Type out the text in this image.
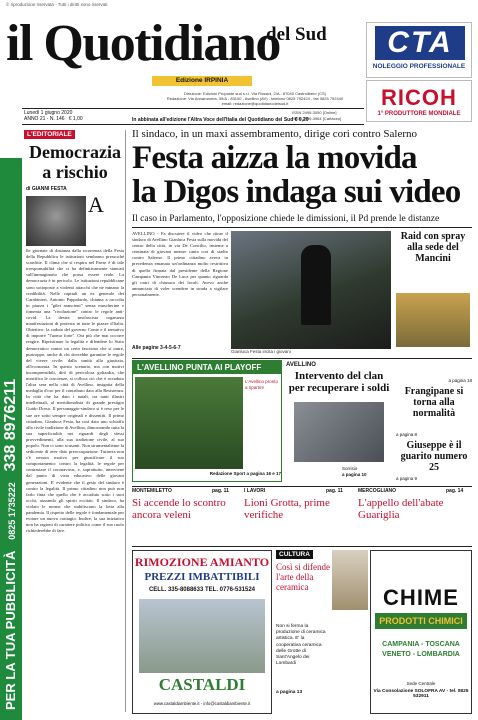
© riproduzione riservata - Tutti i diritti sono riservati
il Quotidiano
del Sud
Edizione IRPINIA
Direzione: Edizioni Proposte sud s.r.l. Via Rossini, 2/A - 87040 Castrolibero (CS)
Redazione: Via Annarumma, 39/A - 83100 - Avellino (AV) - telefono 0825 792424 - fax 0825 792440
email: redazione@quotidianodelsud.it
Lunedì 1 giugno 2020
ANNO 21 - N. 146 € 1,00
ISSN 2499-3050 [Online]
ISSN 2499-3964 [Cartaceo]
In abbinata all'edizione l'Altra Voce dell'Italia del Quotidiano del Sud € 0,20
CTA
NOLEGGIO PROFESSIONALE
RICOH
1° PRODUTTORE MONDIALE
PER LA TUA PUBBLICITÀ   0825 1735222   338 8976211
L'EDITORIALE
Democrazia a rischio
di GIANNI FESTA
A
lle giornate di distanza dalla ricorrenza della Festa della Repubblica le istituzioni sembrano pressoché sconfitte. Il clima che si respira nel Paese è di tale irresponsabilità che ci ha definitivamente stancati sull'immaginario che possa essere reale. La democrazia è in pericolo. Le istituzioni repubblicane sono sottoposte a violenti attacchi che ne minano la credibilità. Nelle capitali un ex generale dei Carabinieri, Antonio Pappalardo, chiama a raccolta in piazza i "gilet arancioni" senza mascherine e fomenta una "rivoluzione" contro le regole anti-covid. La destra neofascista organizza manifestazioni di protesta in tutte le piazze d'Italia. Obiettivo: la caduta del governo Conte e il tentativo di imporre "l'uomo forte". Ora più che mai occorre reagire. Ripristinare la legalità e difendere lo Stato democratico contro un certo fascismo che si nutre, purtroppo, anche di chi dovrebbe garantire le regole del vivere civile: dalla sanità alla giustizia, all'economia. In questo scenario, ma con motivi incomprensibili, dirò di pericolosa goliardia, che mortifica le coscienze, si colloca ciò che è accaduto l'altra sera nella città di Avellino, insignita della medaglia d'oro per il contributo dato alla Resistenza. In città che ha dato i natali, tra tanti illustri intellettuali, al meridionalista di grande prestigio Guido Dorso. Il personaggio-sindaco si è reso per le sue ore sotto sempre originali e dissentiti. Il primo cittadino, Gianluca Festa, ha così dato uno schiaffo alla civile tradizione di Avellino, dimostrando tutta la sua superficialità nei riguardi degli stessi provvedimenti, alla sua tradizione civile, al suo popolo. Non ci sono scusanti. Non strumentalismo la sedicente di aver dato preoccupazione. Tuttavia non c'è nessun motivo per giustificare il suo comportamento: contro la legalità, le regole per contrastare il coronavirus, e, soprattutto, interviene dal punto di vista educativo delle giovani generazioni. E' evidente che il gesto del sindaco è contro la legalità. Il primo cittadino non può non farlo finta che quello che è accaduto sotto i suoi occhi, aizzando gli spiriti eccitati. Il sindaco, ha violato le norme che stabiliscono la lotta alla pandemia. Il rispetto delle regole è fondamentale per evitare un nuovo contagio. Inoltre, la sua iniziativa non ha ragioni di carattere politico come il suo ruolo richiederebbe di fare.
Il sindaco, in un maxi assembramento, dirige cori contro Salerno
Festa aizza la movida
la Digos indaga sui video
Il caso in Parlamento, l'opposizione chiede le dimissioni, il Pd prende le distanze
AVELLINO - Fa discutere il video che ritrae il sindaco di Avellino Gianluca Festa sulla movida del centro della città, in via De Concilio, insieme a centinaia di giovani mentre canta cori di stadio contro Salerno. Il primo cittadino aveva in precedenza emanato un'ordinanza molto restrittiva di quella firmata dal presidente della Regione Campania Vincenzo De Luca per quanto riguarda gli orari di chiusura dei locali. Avevo anche annunciato di voler scendere in strada a vigilare personalmente.
Alle pagine 3-4-5-6-7
Gianluca Festa incita i giovani
Raid con spray alla sede del Mancini
L'AVELLINO PUNTA AI PLAYOFF
L'Avellino pronto a ripartire
Redazione Sport a pagina 16 e 17
AVELLINO
Intervento del clan per recuperare i soldi
Sorrisio
a pagina 10
a pagina 18
Frangipane si torna alla normalità
a pagina 8
Giuseppe è il guarito numero 25
a pagina 9
MONTEMILETTO	pag. 11
Si accende lo scontro ancora veleni
I LAVORI	pag. 11
Lioni Grotta, prime verifiche
MERCOGLIANO	pag. 14
L'appello dell'abate Guariglia
RIMOZIONE AMIANTO
PREZZI IMBATTIBILI
CELL. 335-8088633 TEL. 0776-531524
CASTALDI
www.castaldiambiente.it - info@castaldiambiente.it
CULTURA
Così si difende l'arte della ceramica
Non si ferma la produzione di ceramica artistica. E' la cooperativa ceramica delle Grotte di Sant'Angelo dei Lombardi
a pagina 13
CHIME
PRODOTTI CHIMICI
CAMPANIA - TOSCANA
VENETO - LOMBARDIA
Sede Centrale
Via Consolazione SOLOFRA AV - tel. 0825 532911
